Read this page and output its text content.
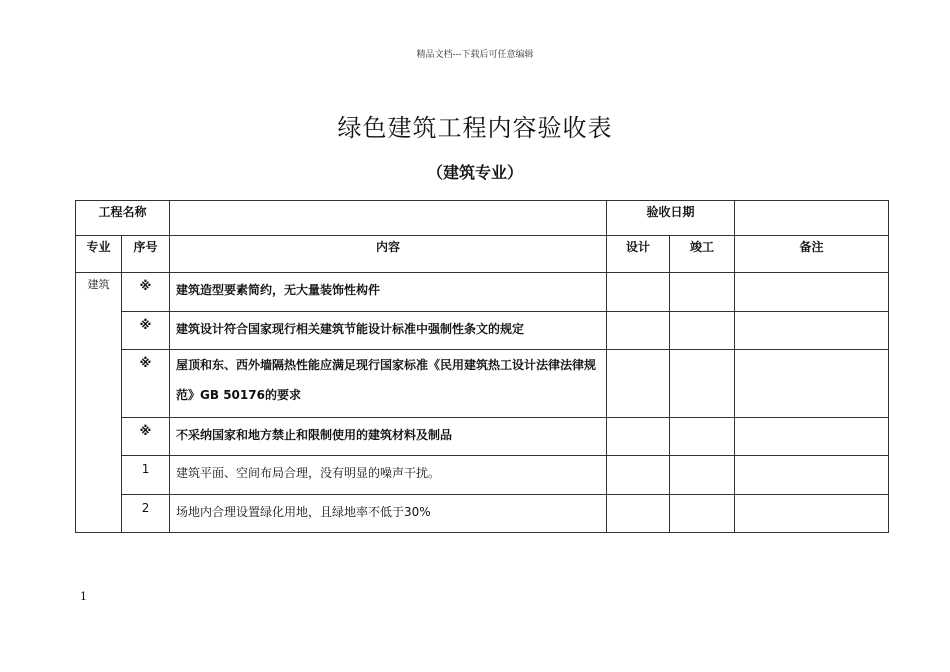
精品文档---下载后可任意编辑
绿色建筑工程内容验收表
（建筑专业）
工程名称			验收日期		
专业	序号	内容	设计	竣工	备注
建筑	※	建筑造型要素简约，无大量装饰性构件			
	※	建筑设计符合国家现行相关建筑节能设计标准中强制性条文的规定			
	※	屋顶和东、西外墙隔热性能应满足现行国家标准《民用建筑热工设计法律法律规范》GB 50176的要求			
	※	不采纳国家和地方禁止和限制使用的建筑材料及制品			
	1	建筑平面、空间布局合理，没有明显的噪声干扰。			
	2	场地内合理设置绿化用地，且绿地率不低于30%			
1
